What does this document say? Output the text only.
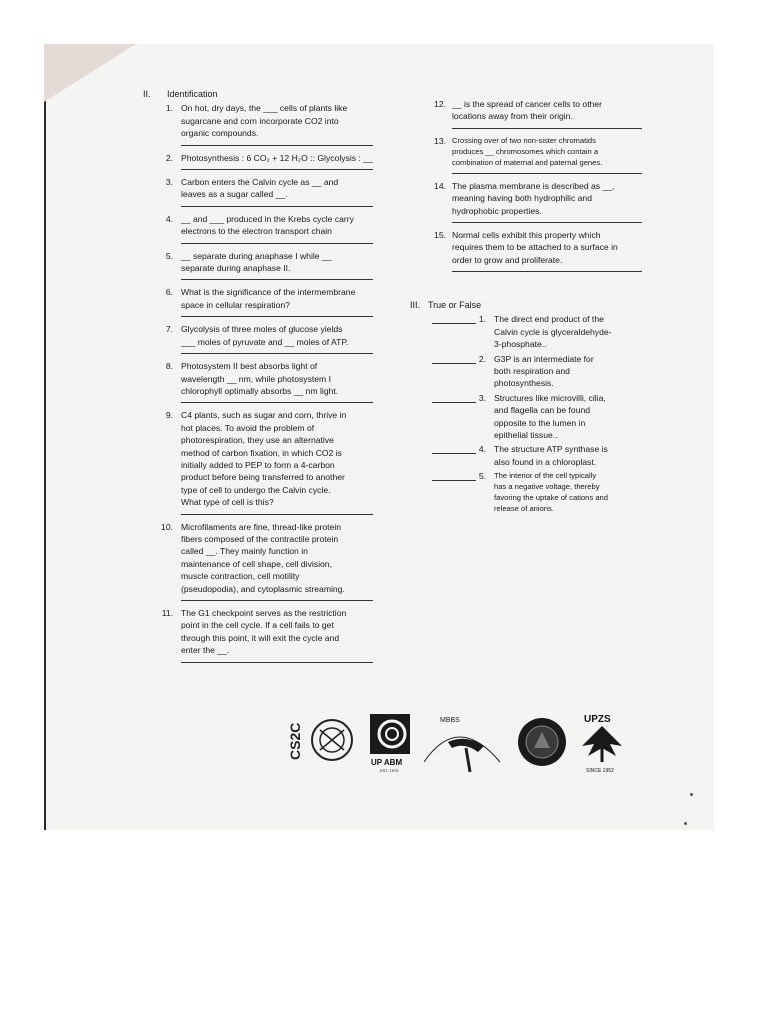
II. Identification
1. On hot, dry days, the ___ cells of plants like
sugarcane and corn incorporate CO2 into
organic compounds.
2. Photosynthesis : 6 CO₂ + 12 H₂O :: Glycolysis : __
3. Carbon enters the Calvin cycle as __ and
leaves as a sugar called __.
4. __ and ___ produced in the Krebs cycle carry
electrons to the electron transport chain
5. __ separate during anaphase I while __
separate during anaphase II.
6. What is the significance of the intermembrane
space in cellular respiration?
7. Glycolysis of three moles of glucose yields
___ moles of pyruvate and __ moles of ATP.
8. Photosystem II best absorbs light of
wavelength __ nm, while photosystem I
chlorophyll optimally absorbs __ nm light.
9. C4 plants, such as sugar and corn, thrive in
hot places. To avoid the problem of
photorespiration, they use an alternative
method of carbon fixation, in which CO2 is
initially added to PEP to form a 4-carbon
product before being transferred to another
type of cell to undergo the Calvin cycle.
What type of cell is this?
10. Microfilaments are fine, thread-like protein
fibers composed of the contractile protein
called __. They mainly function in
maintenance of cell shape, cell division,
muscle contraction, cell motility
(pseudopodia), and cytoplasmic streaming.
11. The G1 checkpoint serves as the restriction
point in the cell cycle. If a cell fails to get
through this point, it will exit the cycle and
enter the __.
12. __ is the spread of cancer cells to other
locations away from their origin.
13. Crossing over of two non-sister chromatids
produces __ chromosomes which contain a
combination of maternal and paternal genes.
14. The plasma membrane is described as __,
meaning having both hydrophilic and
hydrophobic properties.
15. Normal cells exhibit this property which
requires them to be attached to a surface in
order to grow and proliferate.
III. True or False
1. The direct end product of the
Calvin cycle is glyceraldehyde-
3-phosphate..
2. G3P is an intermediate for
both respiration and
photosynthesis.
3. Structures like microvilli, cilia,
and flagella can be found
opposite to the lumen in
epithelial tissue..
4. The structure ATP synthase is
also found in a chloroplast.
5. The interior of the cell typically
has a negative voltage, thereby
favoring the uptake of cations and
release of anions.
CS2C
UP ABM
EST. 1975
MBBS	UPZS
SINCE 1952
